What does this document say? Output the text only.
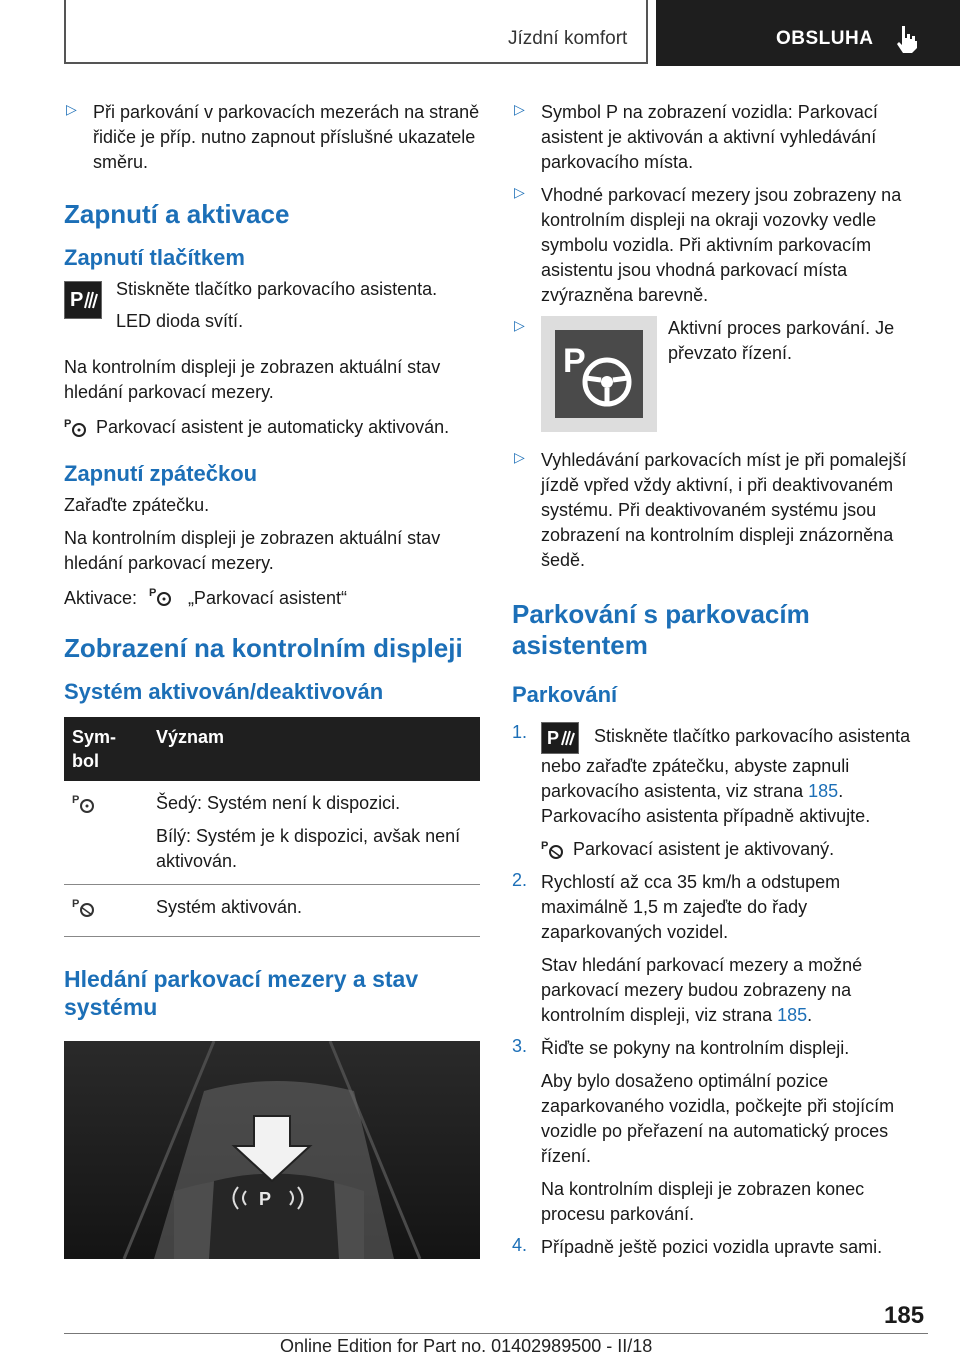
Jízdní komfort	OBSLUHA
▷ Při parkování v parkovacích mezerách na straně řidiče je příp. nutno zapnout příslušné ukazatele směru.

Zapnutí a aktivace
Zapnutí tlačítkem
P Stiskněte tlačítko parkovacího asistenta.

LED dioda svítí.

Na kontrolním displeji je zobrazen aktuální stav hledání parkovací mezery.

P Parkovací asistent je automaticky aktivován.

Zapnutí zpátečkou

Zařaďte zpátečku.

Na kontrolním displeji je zobrazen aktuální stav hledání parkovací mezery.

Aktivace:

P
„Parkovací asistent“

Zobrazení na kontrolním displeji
Systém aktivován/deaktivován
Sym-bol	Význam

P	Šedý: Systém není k dispozici.

Bílý: Systém je k dispozici, avšak není aktivován.

P	Systém aktivován.

Hledání parkovací mezery a stav systému
P
▷ Symbol P na zobrazení vozidla: Parkovací asistent je aktivován a aktivní vyhledávání parkovacího místa.

▷ Vhodné parkovací mezery jsou zobrazeny na kontrolním displeji na okraji vozovky vedle symbolu vozidla. Při aktivním parkovacím asistentu jsou vhodná parkovací místa zvýrazněna barevně.

▷
P

Aktivní proces parkování. Je převzato řízení.

▷ Vyhledávání parkovacích míst je při pomalejší jízdě vpřed vždy aktivní, i při deaktivovaném systému. Při deaktivovaném systému jsou zobrazení na kontrolním displeji znázorněna šedě.

Parkování s parkovacím asistentem
Parkování
1. P Stiskněte tlačítko parkovacího asistenta nebo zařaďte zpátečku, abyste zapnuli parkovacího asistenta, viz strana 185. Parkovacího asistenta případně aktivujte.

P Parkovací asistent je aktivovaný.

2. Rychlostí až cca 35 km/h a odstupem maximálně 1,5 m zajeďte do řady zaparkovaných vozidel.

Stav hledání parkovací mezery a možné parkovací mezery budou zobrazeny na kontrolním displeji, viz strana 185.

3. Řiďte se pokyny na kontrolním displeji.

Aby bylo dosaženo optimální pozice zaparkovaného vozidla, počkejte při stojícím vozidle po přeřazení na automatický proces řízení.

Na kontrolním displeji je zobrazen konec procesu parkování.

4. Případně ještě pozici vozidla upravte sami.

185
Online Edition for Part no. 01402989500 - II/18
